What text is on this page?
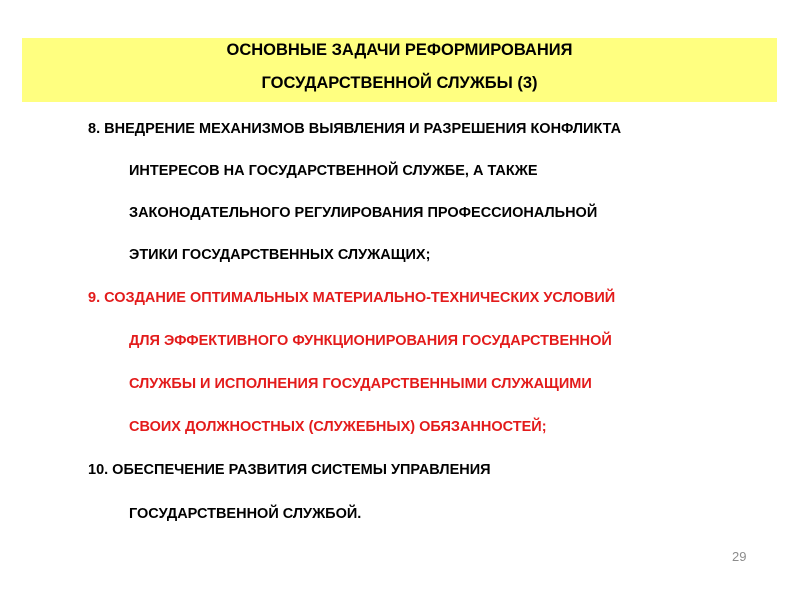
ОСНОВНЫЕ ЗАДАЧИ РЕФОРМИРОВАНИЯ
ГОСУДАРСТВЕННОЙ СЛУЖБЫ (3)
8. ВНЕДРЕНИЕ МЕХАНИЗМОВ ВЫЯВЛЕНИЯ И РАЗРЕШЕНИЯ КОНФЛИКТА
ИНТЕРЕСОВ НА ГОСУДАРСТВЕННОЙ СЛУЖБЕ, А ТАКЖЕ
ЗАКОНОДАТЕЛЬНОГО РЕГУЛИРОВАНИЯ ПРОФЕССИОНАЛЬНОЙ
ЭТИКИ ГОСУДАРСТВЕННЫХ СЛУЖАЩИХ;
9. СОЗДАНИЕ ОПТИМАЛЬНЫХ МАТЕРИАЛЬНО-ТЕХНИЧЕСКИХ УСЛОВИЙ
ДЛЯ ЭФФЕКТИВНОГО ФУНКЦИОНИРОВАНИЯ ГОСУДАРСТВЕННОЙ
СЛУЖБЫ И ИСПОЛНЕНИЯ ГОСУДАРСТВЕННЫМИ СЛУЖАЩИМИ
СВОИХ ДОЛЖНОСТНЫХ (СЛУЖЕБНЫХ) ОБЯЗАННОСТЕЙ;
10. ОБЕСПЕЧЕНИЕ РАЗВИТИЯ СИСТЕМЫ УПРАВЛЕНИЯ
ГОСУДАРСТВЕННОЙ СЛУЖБОЙ.
29
